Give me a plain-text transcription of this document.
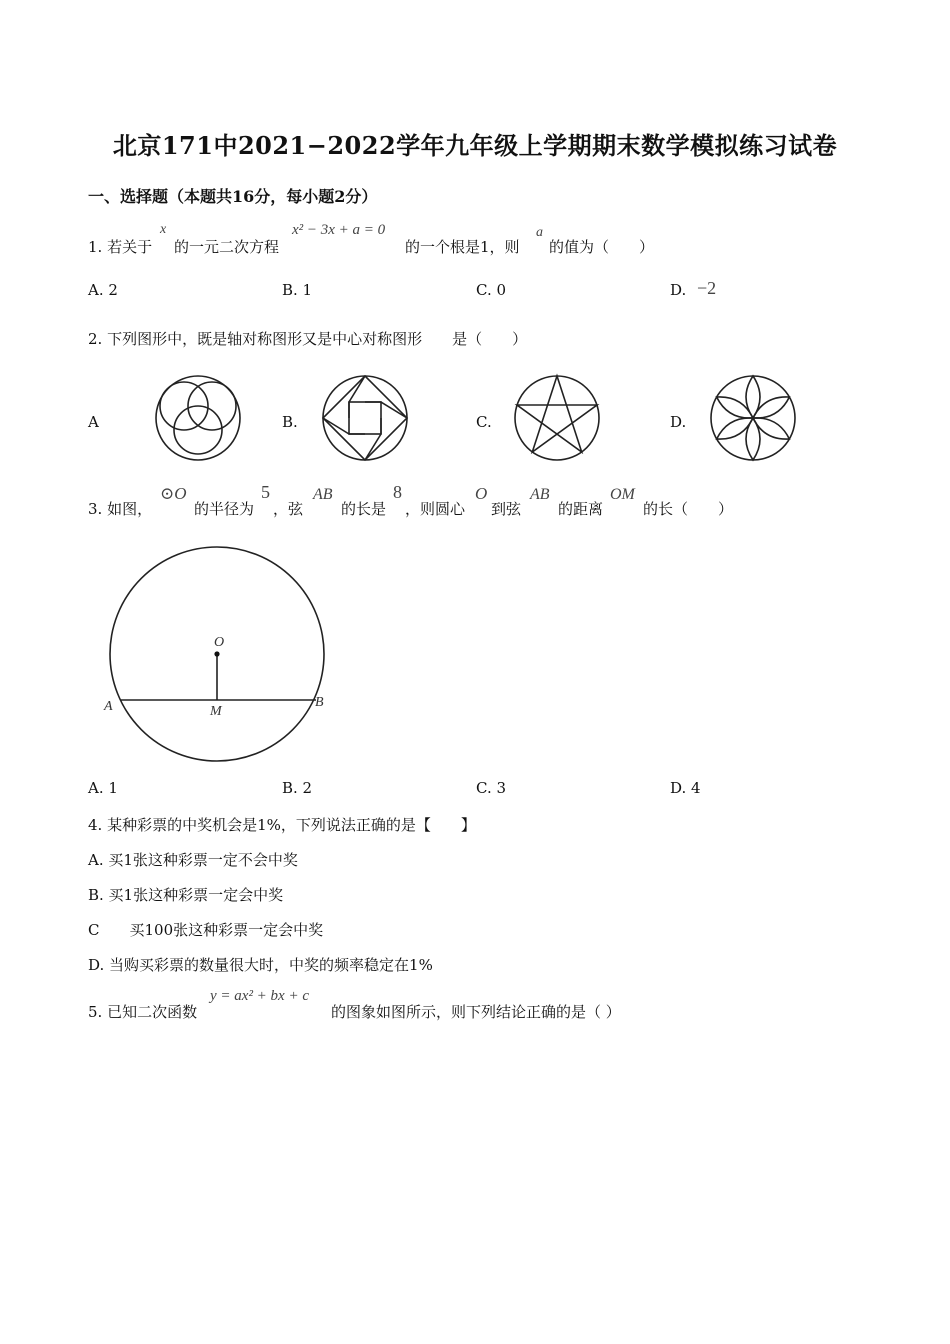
北京171中2021−2022学年九年级上学期期末数学模拟练习试卷
一、选择题（本题共16分，每小题2分）
1. 若关于
x
的一元二次方程
x² − 3x + a = 0
的一个根是1，则
a
的值为（　　）
A. 2	B. 1	C. 0	D. −2
2. 下列图形中，既是轴对称图形又是中心对称图形　　是（　　）
A	B.	C.	D.
3. 如图，
⊙O
的半径为
5
，弦
AB
的长是
8
，则圆心
O
到弦
AB
的距离
OM
的长（　　）
O
A	M
B
A. 1	B. 2	C. 3	D. 4
4. 某种彩票的中奖机会是1%，下列说法正确的是【　　】
A. 买1张这种彩票一定不会中奖
B. 买1张这种彩票一定会中奖
C　　买100张这种彩票一定会中奖
D. 当购买彩票的数量很大时，中奖的频率稳定在1%
5. 已知二次函数
y = ax² + bx + c
的图象如图所示，则下列结论正确的是（ ）
